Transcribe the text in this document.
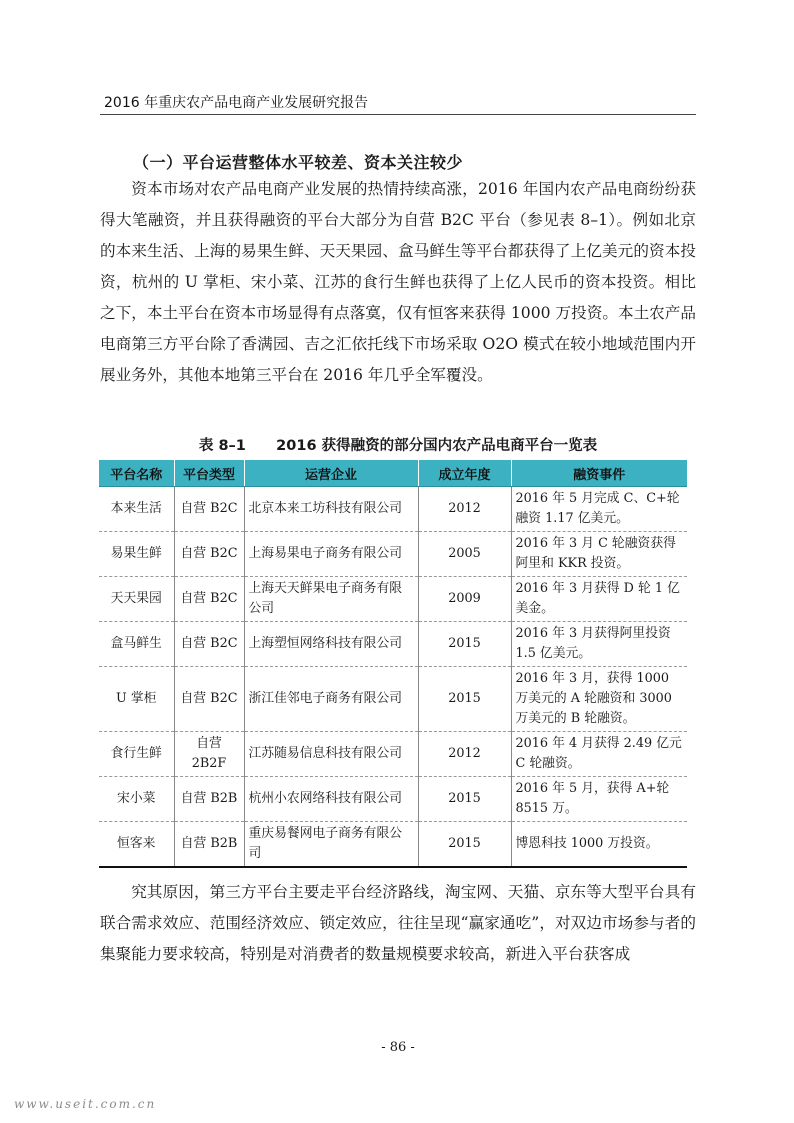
2016 年重庆农产品电商产业发展研究报告
（一）平台运营整体水平较差、资本关注较少

资本市场对农产品电商产业发展的热情持续高涨，2016 年国内农产品电商纷纷获得大笔融资，并且获得融资的平台大部分为自营 B2C 平台（参见表 8–1）。例如北京的本来生活、上海的易果生鲜、天天果园、盒马鲜生等平台都获得了上亿美元的资本投资，杭州的 U 掌柜、宋小菜、江苏的食行生鲜也获得了上亿人民币的资本投资。相比之下，本土平台在资本市场显得有点落寞，仅有恒客来获得 1000 万投资。本土农产品电商第三方平台除了香满园、吉之汇依托线下市场采取 O2O 模式在较小地域范围内开展业务外，其他本地第三平台在 2016 年几乎全军覆没。

表 8–1      2016 获得融资的部分国内农产品电商平台一览表
平台名称	平台类型	运营企业	成立年度	融资事件
本来生活	自营 B2C	北京本来工坊科技有限公司	2012	2016 年 5 月完成 C、C+轮融资 1.17 亿美元。
易果生鲜	自营 B2C	上海易果电子商务有限公司	2005	2016 年 3 月 C 轮融资获得阿里和 KKR 投资。
天天果园	自营 B2C	上海天天鲜果电子商务有限公司	2009	2016 年 3 月获得 D 轮 1 亿美金。
盒马鲜生	自营 B2C	上海塑恒网络科技有限公司	2015	2016 年 3 月获得阿里投资 1.5 亿美元。
U 掌柜	自营 B2C	浙江佳邻电子商务有限公司	2015	2016 年 3 月，获得 1000 万美元的 A 轮融资和 3000 万美元的 B 轮融资。
食行生鲜	自营 2B2F	江苏随易信息科技有限公司	2012	2016 年 4 月获得 2.49 亿元 C 轮融资。
宋小菜	自营 B2B	杭州小农网络科技有限公司	2015	2016 年 5 月，获得 A+轮 8515 万。
恒客来	自营 B2B	重庆易餐网电子商务有限公司	2015	博恩科技 1000 万投资。

究其原因，第三方平台主要走平台经济路线，淘宝网、天猫、京东等大型平台具有联合需求效应、范围经济效应、锁定效应，往往呈现“赢家通吃”，对双边市场参与者的集聚能力要求较高，特别是对消费者的数量规模要求较高，新进入平台获客成

- 86 -
www.useit.com.cn
